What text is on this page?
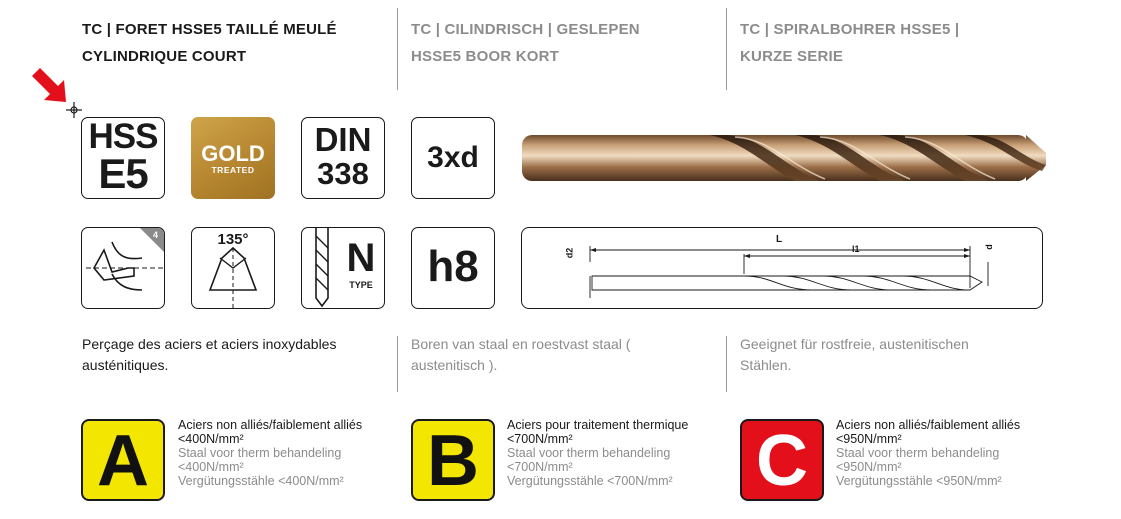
TC | FORET HSSE5 TAILLÉ MEULÉ
CYLINDRIQUE COURT
TC | CILINDRISCH | GESLEPEN
HSSE5 BOOR KORT
TC | SPIRALBOHRER HSSE5 |
KURZE SERIE
HSS
E5	GOLD
TREATED
DIN
338	3xd
4	135°	N
TYPE	h8	d2
L
l1	d
Perçage des aciers et aciers inoxydables
austénitiques.
Boren van staal en roestvast staal (
austenitisch ).
Geeignet für rostfreie, austenitischen
Stählen.
A	Aciers non alliés/faiblement alliés
<400N/mm²
Staal voor therm behandeling
<400N/mm²
Vergütungsstähle <400N/mm²	B	Aciers pour traitement thermique
<700N/mm²
Staal voor therm behandeling
<700N/mm²
Vergütungsstähle <700N/mm²	C	Aciers non alliés/faiblement alliés
<950N/mm²
Staal voor therm behandeling
<950N/mm²
Vergütungsstähle <950N/mm²
